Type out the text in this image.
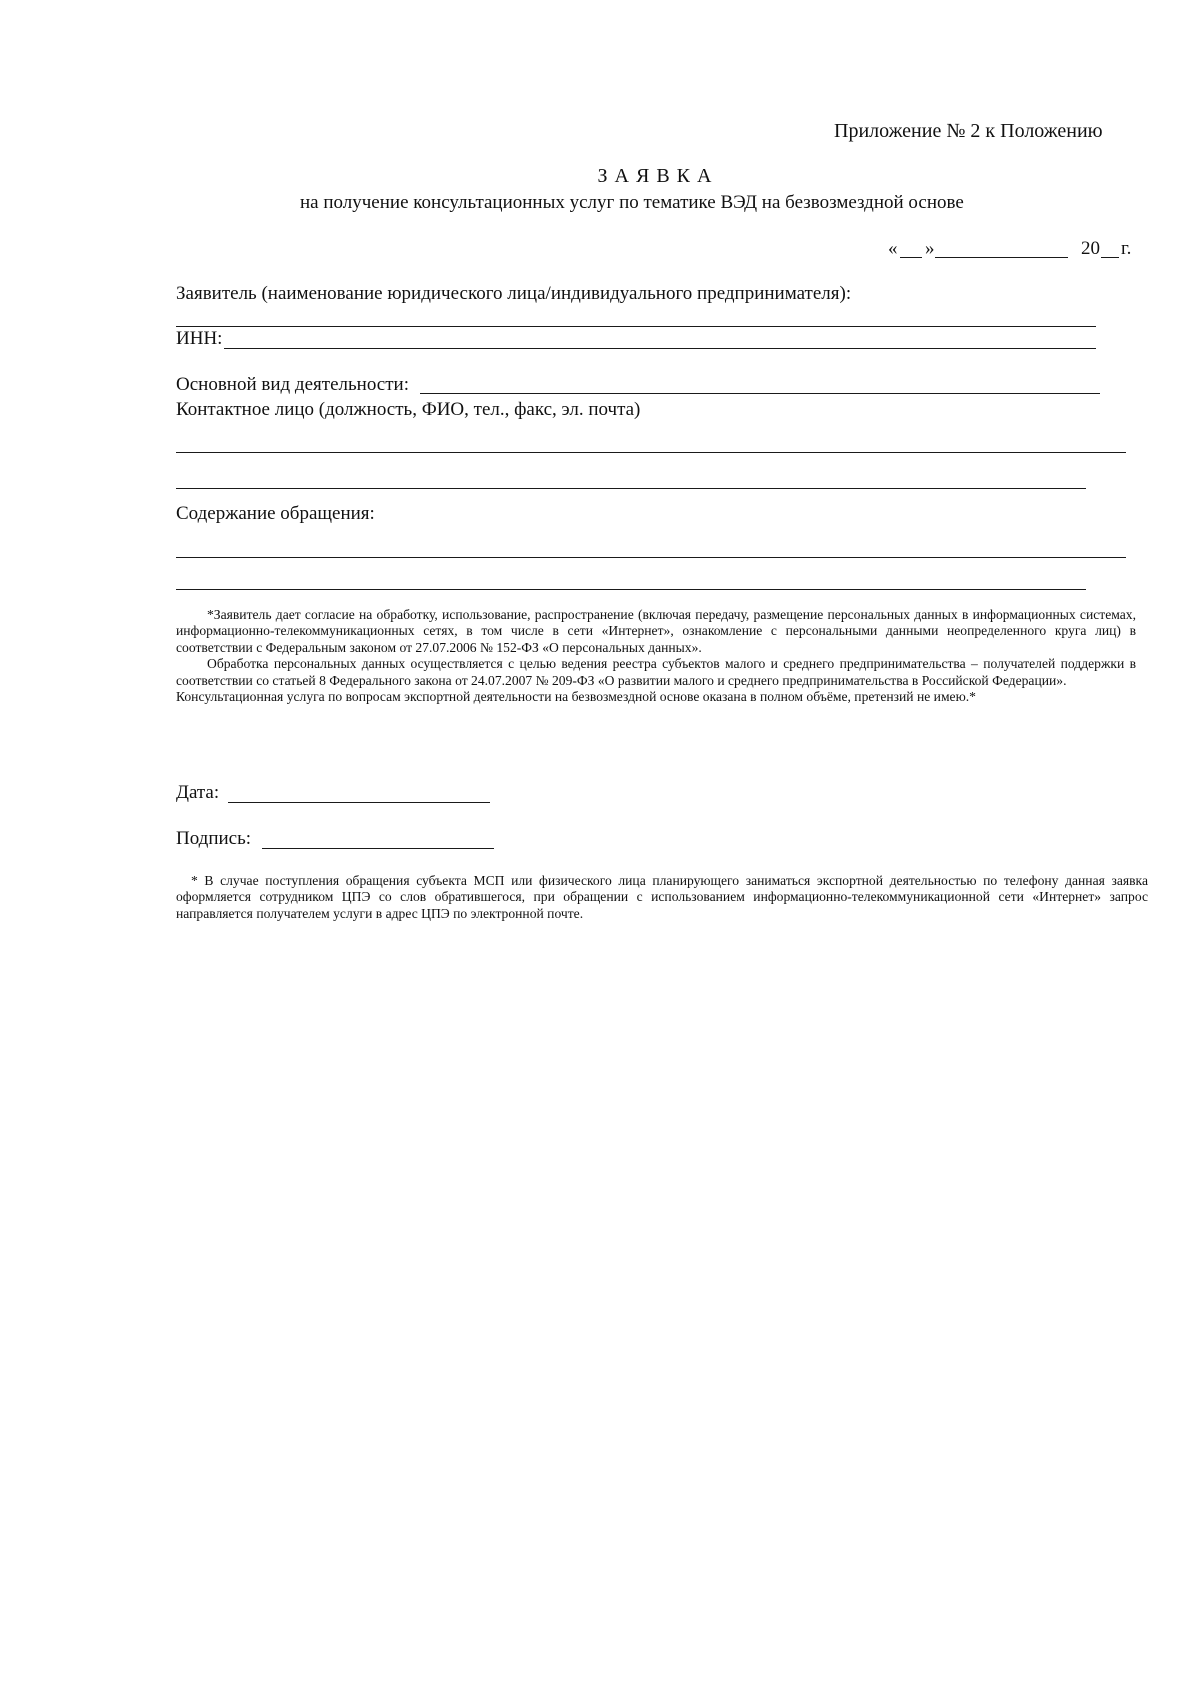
Приложение № 2 к Положению
З А Я В К А
на получение консультационных услуг по тематике ВЭД на безвозмездной основе
« »	20 г.
Заявитель (наименование юридического лица/индивидуального предпринимателя):
ИНН:
Основной вид деятельности:
Контактное лицо (должность, ФИО, тел., факс, эл. почта)
Содержание обращения:

*Заявитель дает согласие на обработку, использование, распространение (включая передачу, размещение персональных данных в информационных системах, информационно-телекоммуникационных сетях, в том числе в сети «Интернет», ознакомление с персональными данными неопределенного круга лиц) в соответствии с Федеральным законом от 27.07.2006 № 152-ФЗ «О персональных данных».

Обработка персональных данных осуществляется с целью ведения реестра субъектов малого и среднего предпринимательства – получателей поддержки в соответствии со статьей 8 Федерального закона от 24.07.2007 № 209-ФЗ «О развитии малого и среднего предпринимательства в Российской Федерации».

Консультационная услуга по вопросам экспортной деятельности на безвозмездной основе оказана в полном объёме, претензий не имею.*

Дата:
Подпись:
* В случае поступления обращения субъекта МСП или физического лица планирующего заниматься экспортной деятельностью по телефону данная заявка оформляется сотрудником ЦПЭ со слов обратившегося, при обращении с использованием информационно-телекоммуникационной сети «Интернет» запрос направляется получателем услуги в адрес ЦПЭ по электронной почте.
